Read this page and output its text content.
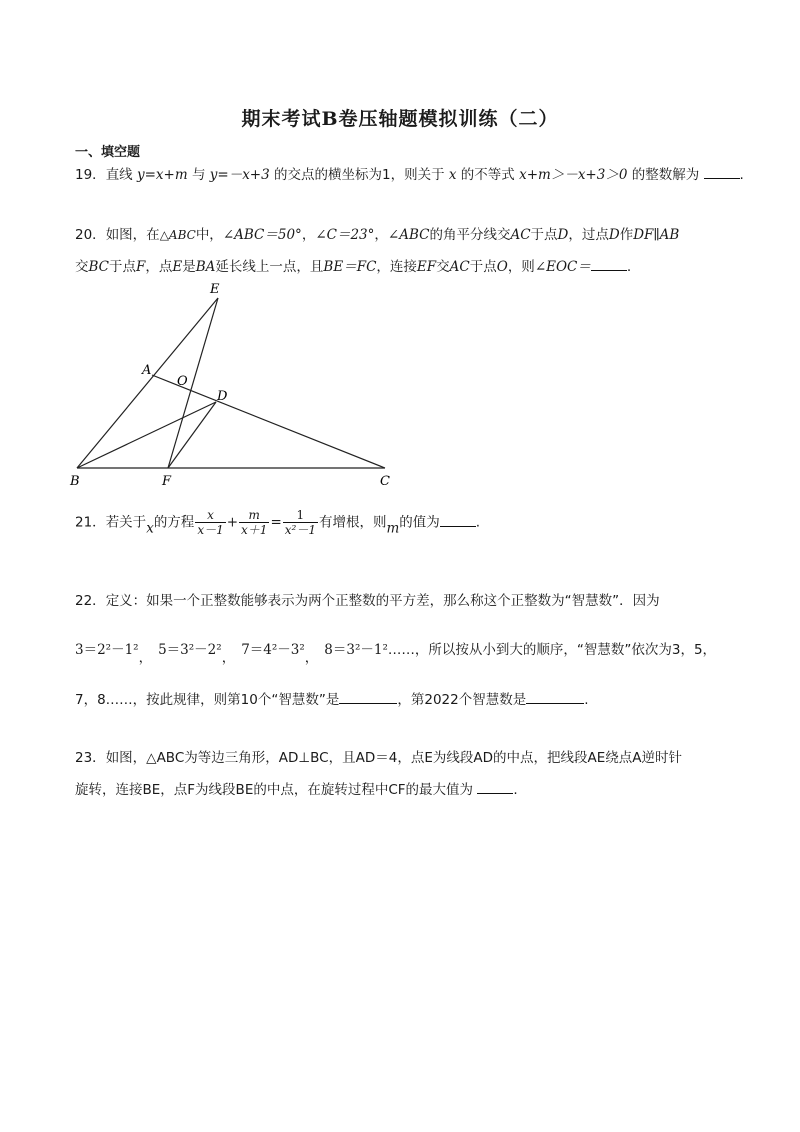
期末考试B卷压轴题模拟训练（二）
一、填空题
19．直线 y=x+m 与 y=－x+3 的交点的横坐标为1，则关于 x 的不等式 x+m＞－x+3＞0 的整数解为	.
20．如图，在△ABC中，∠ABC＝50°，∠C＝23°，∠ABC的角平分线交AC于点D，过点D作DF∥AB
交BC于点F，点E是BA延长线上一点，且BE＝FC，连接EF交AC于点O，则∠EOC＝	.
E
A
O
D
B	F	C
21．若关于x的方程 $\frac{x}{x-1} + \frac{m}{x+1} = \frac{1}{\text{x²－1}}$ 有增根，则m的值为	.
22．定义：如果一个正整数能够表示为两个正整数的平方差，那么称这个正整数为“智慧数”．因为
3＝2²－1²， 5＝3²－2²， 7＝4²－3²， 8＝3²－1²……，所以按从小到大的顺序，“智慧数”依次为3，5，
7，8……，按此规律，则第10个“智慧数”是	，第2022个智慧数是	.
23．如图，△ABC为等边三角形，AD⊥BC，且AD＝4，点E为线段AD的中点，把线段AE绕点A逆时针
旋转，连接BE，点F为线段BE的中点，在旋转过程中CF的最大值为	.
